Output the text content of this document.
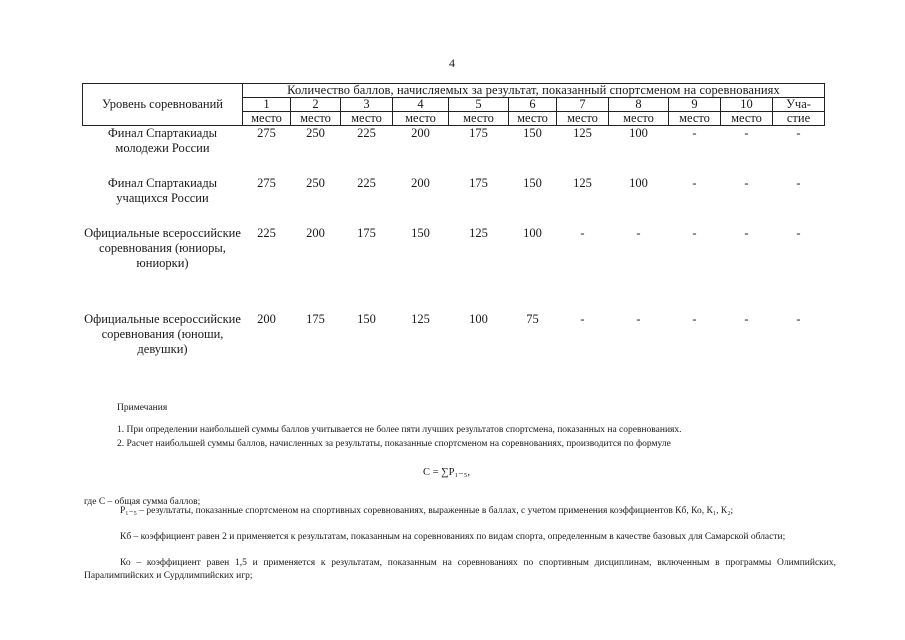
4
Уровень соревнований	Количество баллов, начисляемых за результат, показанный спортсменом на соревнованиях										
	1	2	3	4	5	6	7	8	9	10	Уча-
	место	место	место	место	место	место	место	место	место	место	стие
Финал Спартакиады молодежи России	275	250	225	200	175	150	125	100	-	-	-
Финал Спартакиады учащихся России	275	250	225	200	175	150	125	100	-	-	-
Официальные всероссийские соревнования (юниоры, юниорки)	225	200	175	150	125	100	-	-	-	-	-
Официальные всероссийские соревнования (юноши, девушки)	200	175	150	125	100	75	-	-	-	-	-
Примечания
1. При определении наибольшей суммы баллов учитывается не более пяти лучших результатов спортсмена, показанных на соревнованиях.
2. Расчет наибольшей суммы баллов, начисленных за результаты, показанные спортсменом на соревнованиях, производится по формуле
C = ∑P₁₋₅,
где С – общая сумма баллов;
P₁₋₅ – результаты, показанные спортсменом на спортивных соревнованиях, выраженные в баллах, с учетом применения коэффициентов Кб, Ко, К₁, К₂;
Кб – коэффициент равен 2 и применяется к результатам, показанным на соревнованиях по видам спорта, определенным в качестве базовых для Самарской области;
Ко – коэффициент равен 1,5 и применяется к результатам, показанным на соревнованиях по спортивным дисциплинам, включенным в программы Олимпийских, Паралимпийских и Сурдлимпийских игр;
